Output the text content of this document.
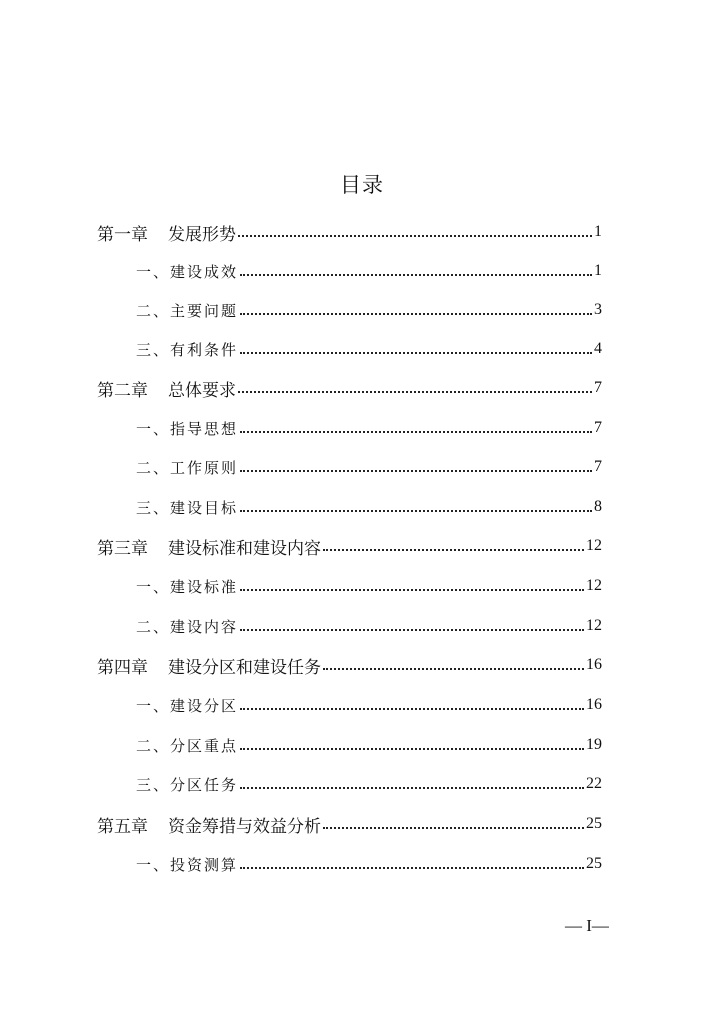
目录
第一章 发展形势	1
一、建设成效	1
二、主要问题	3
三、有利条件	4
第二章 总体要求	7
一、指导思想	7
二、工作原则	7
三、建设目标	8
第三章 建设标准和建设内容	12
一、建设标准	12
二、建设内容	12
第四章 建设分区和建设任务	16
一、建设分区	16
二、分区重点	19
三、分区任务	22
第五章 资金筹措与效益分析	25
一、投资测算	25
— I—
